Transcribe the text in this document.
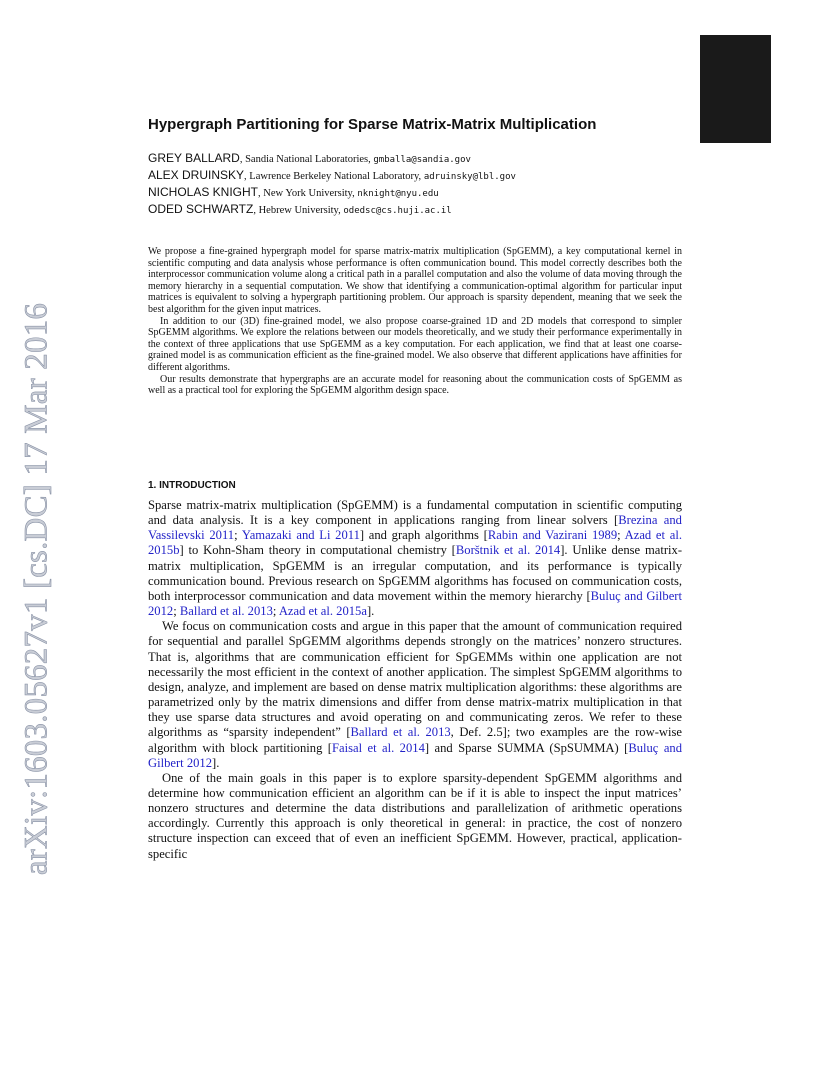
arXiv:1603.05627v1 [cs.DC] 17 Mar 2016
Hypergraph Partitioning for Sparse Matrix-Matrix Multiplication
GREY BALLARD, Sandia National Laboratories, gmballa@sandia.gov
ALEX DRUINSKY, Lawrence Berkeley National Laboratory, adruinsky@lbl.gov
NICHOLAS KNIGHT, New York University, nknight@nyu.edu
ODED SCHWARTZ, Hebrew University, odedsc@cs.huji.ac.il

We propose a fine-grained hypergraph model for sparse matrix-matrix multiplication (SpGEMM), a key computational kernel in scientific computing and data analysis whose performance is often communication bound. This model correctly describes both the interprocessor communication volume along a critical path in a parallel computation and also the volume of data moving through the memory hierarchy in a sequential computation. We show that identifying a communication-optimal algorithm for particular input matrices is equivalent to solving a hypergraph partitioning problem. Our approach is sparsity dependent, meaning that we seek the best algorithm for the given input matrices.

In addition to our (3D) fine-grained model, we also propose coarse-grained 1D and 2D models that correspond to simpler SpGEMM algorithms. We explore the relations between our models theoretically, and we study their performance experimentally in the context of three applications that use SpGEMM as a key computation. For each application, we find that at least one coarse-grained model is as communication efficient as the fine-grained model. We also observe that different applications have affinities for different algorithms.

Our results demonstrate that hypergraphs are an accurate model for reasoning about the communication costs of SpGEMM as well as a practical tool for exploring the SpGEMM algorithm design space.

1. INTRODUCTION

Sparse matrix-matrix multiplication (SpGEMM) is a fundamental computation in scientific computing and data analysis. It is a key component in applications ranging from linear solvers [Brezina and Vassilevski 2011; Yamazaki and Li 2011] and graph algorithms [Rabin and Vazirani 1989; Azad et al. 2015b] to Kohn-Sham theory in computational chemistry [Borštnik et al. 2014]. Unlike dense matrix-matrix multiplication, SpGEMM is an irregular computation, and its performance is typically communication bound. Previous research on SpGEMM algorithms has focused on communication costs, both interprocessor communication and data movement within the memory hierarchy [Buluç and Gilbert 2012; Ballard et al. 2013; Azad et al. 2015a].

We focus on communication costs and argue in this paper that the amount of communication required for sequential and parallel SpGEMM algorithms depends strongly on the matrices’ nonzero structures. That is, algorithms that are communication efficient for SpGEMMs within one application are not necessarily the most efficient in the context of another application. The simplest SpGEMM algorithms to design, analyze, and implement are based on dense matrix multiplication algorithms: these algorithms are parametrized only by the matrix dimensions and differ from dense matrix-matrix multiplication in that they use sparse data structures and avoid operating on and communicating zeros. We refer to these algorithms as “sparsity independent” [Ballard et al. 2013, Def. 2.5]; two examples are the row-wise algorithm with block partitioning [Faisal et al. 2014] and Sparse SUMMA (SpSUMMA) [Buluç and Gilbert 2012].

One of the main goals in this paper is to explore sparsity-dependent SpGEMM algorithms and determine how communication efficient an algorithm can be if it is able to inspect the input matrices’ nonzero structures and determine the data distributions and parallelization of arithmetic operations accordingly. Currently this approach is only theoretical in general: in practice, the cost of nonzero structure inspection can exceed that of even an inefficient SpGEMM. However, practical, application-specific
